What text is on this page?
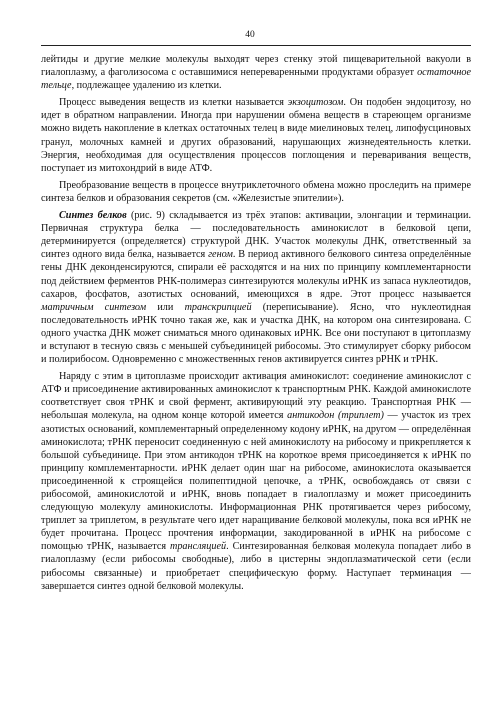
40

лейтиды и другие мелкие молекулы выходят через стенку этой пищеварительной вакуоли в гиалоплазму, а фаголизосома с оставшимися непереваренными продуктами образует остаточное тельце, подлежащее удалению из клетки.

Процесс выведения веществ из клетки называется экзоцитозом. Он подобен эндоцитозу, но идет в обратном направлении. Иногда при нарушении обмена веществ в стареющем организме можно видеть накопление в клетках остаточных телец в виде миелиновых телец, липофусциновых гранул, молочных камней и других образований, нарушающих жизнедеятельность клетки. Энергия, необходимая для осуществления процессов поглощения и переваривания веществ, поступает из митохондрий в виде АТФ.

Преобразование веществ в процессе внутриклеточного обмена можно проследить на примере синтеза белков и образования секретов (см. «Железистые эпителии»).

Синтез белков (рис. 9) складывается из трёх этапов: активации, элонгации и терминации. Первичная структура белка — последовательность аминокислот в белковой цепи, детерминируется (определяется) структурой ДНК. Участок молекулы ДНК, ответственный за синтез одного вида белка, называется геном. В период активного белкового синтеза определённые гены ДНК деконденсируются, спирали её расходятся и на них по принципу комплементарности под действием ферментов РНК-полимераз синтезируются молекулы иРНК из запаса нуклеотидов, сахаров, фосфатов, азотистых оснований, имеющихся в ядре. Этот процесс называется матричным синтезом или транскрипцией (переписывание). Ясно, что нуклеотидная последовательность иРНК точно такая же, как и участка ДНК, на котором она синтезирована. С одного участка ДНК может сниматься много одинаковых иРНК. Все они поступают в цитоплазму и вступают в тесную связь с меньшей субъединицей рибосомы. Это стимулирует сборку рибосом и полирибосом. Одновременно с множественных генов активируется синтез рРНК и тРНК.

Наряду с этим в цитоплазме происходит активация аминокислот: соединение аминокислот с АТФ и присоединение активированных аминокислот к транспортным РНК. Каждой аминокислоте соответствует своя тРНК и свой фермент, активирующий эту реакцию. Транспортная РНК — небольшая молекула, на одном конце которой имеется антикодон (триплет) — участок из трех азотистых оснований, комплементарный определенному кодону иРНК, на другом — определённая аминокислота; тРНК переносит соединенную с ней аминокислоту на рибосому и прикрепляется к большой субъединице. При этом антикодон тРНК на короткое время присоединяется к иРНК по принципу комплементарности. иРНК делает один шаг на рибосоме, аминокислота оказывается присоединенной к строящейся полипептидной цепочке, а тРНК, освобождаясь от связи с рибосомой, аминокислотой и иРНК, вновь попадает в гиалоплазму и может присоединить следующую молекулу аминокислоты. Информационная РНК протягивается через рибосому, триплет за триплетом, в результате чего идет наращивание белковой молекулы, пока вся иРНК не будет прочитана. Процесс прочтения информации, закодированной в иРНК на рибосоме с помощью тРНК, называется трансляцией. Синтезированная белковая молекула попадает либо в гиалоплазму (если рибосомы свободные), либо в цистерны эндоплазматической сети (если рибосомы связанные) и приобретает специфическую форму. Наступает терминация — завершается синтез одной белковой молекулы.
